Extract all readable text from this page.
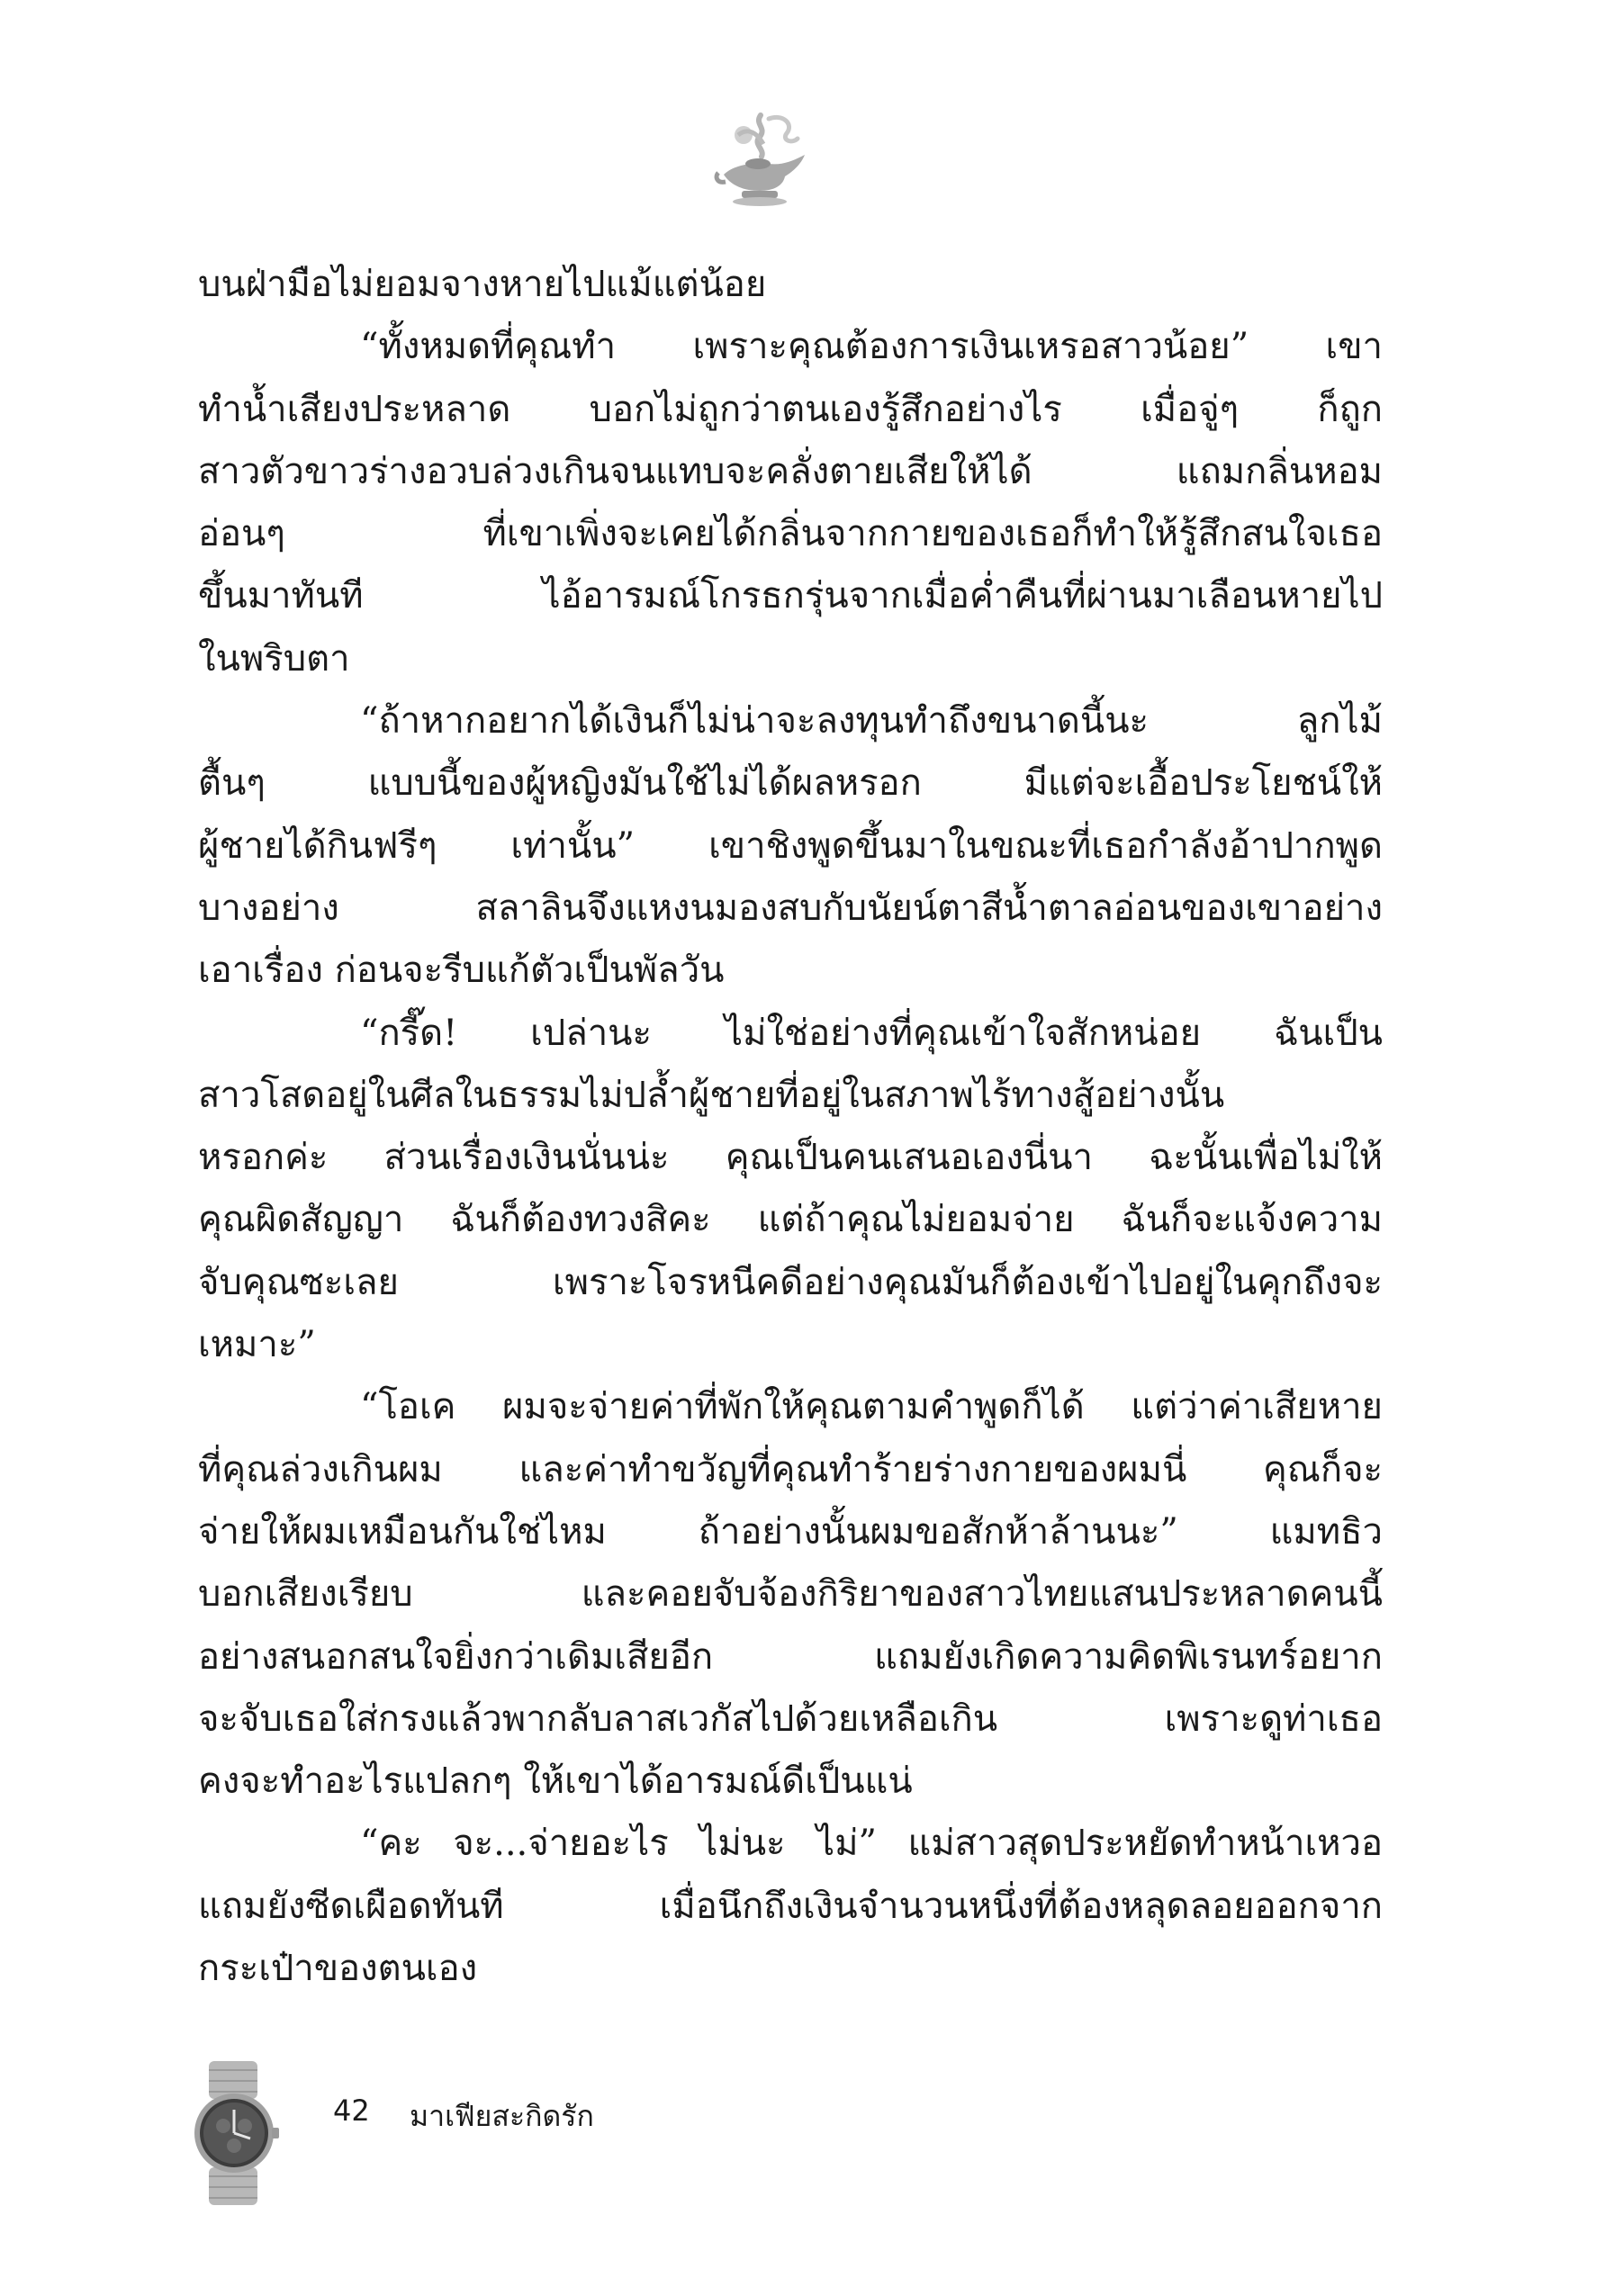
บนฝ่ามือไม่ยอมจางหายไปแม้แต่น้อย
“ทั้งหมดที่คุณทำ เพราะคุณต้องการเงินเหรอสาวน้อย” เขา
ทำน้ำเสียงประหลาด บอกไม่ถูกว่าตนเองรู้สึกอย่างไร เมื่อจู่ๆ ก็ถูก
สาวตัวขาวร่างอวบล่วงเกินจนแทบจะคลั่งตายเสียให้ได้ แถมกลิ่นหอม
อ่อนๆ ที่เขาเพิ่งจะเคยได้กลิ่นจากกายของเธอก็ทำให้รู้สึกสนใจเธอ
ขึ้นมาทันที ไอ้อารมณ์โกรธกรุ่นจากเมื่อค่ำคืนที่ผ่านมาเลือนหายไป
ในพริบตา
“ถ้าหากอยากได้เงินก็ไม่น่าจะลงทุนทำถึงขนาดนี้นะ ลูกไม้
ตื้นๆ แบบนี้ของผู้หญิงมันใช้ไม่ได้ผลหรอก มีแต่จะเอื้อประโยชน์ให้
ผู้ชายได้กินฟรีๆ เท่านั้น” เขาชิงพูดขึ้นมาในขณะที่เธอกำลังอ้าปากพูด
บางอย่าง สลาลินจึงแหงนมองสบกับนัยน์ตาสีน้ำตาลอ่อนของเขาอย่าง
เอาเรื่อง ก่อนจะรีบแก้ตัวเป็นพัลวัน
“กรี๊ด! เปล่านะ ไม่ใช่อย่างที่คุณเข้าใจสักหน่อย ฉันเป็น
สาวโสดอยู่ในศีลในธรรมไม่ปล้ำผู้ชายที่อยู่ในสภาพไร้ทางสู้อย่างนั้น
หรอกค่ะ ส่วนเรื่องเงินนั่นน่ะ คุณเป็นคนเสนอเองนี่นา ฉะนั้นเพื่อไม่ให้
คุณผิดสัญญา ฉันก็ต้องทวงสิคะ แต่ถ้าคุณไม่ยอมจ่าย ฉันก็จะแจ้งความ
จับคุณซะเลย เพราะโจรหนีคดีอย่างคุณมันก็ต้องเข้าไปอยู่ในคุกถึงจะ
เหมาะ”
“โอเค ผมจะจ่ายค่าที่พักให้คุณตามคำพูดก็ได้ แต่ว่าค่าเสียหาย
ที่คุณล่วงเกินผม และค่าทำขวัญที่คุณทำร้ายร่างกายของผมนี่ คุณก็จะ
จ่ายให้ผมเหมือนกันใช่ไหม ถ้าอย่างนั้นผมขอสักห้าล้านนะ” แมทธิว
บอกเสียงเรียบ และคอยจับจ้องกิริยาของสาวไทยแสนประหลาดคนนี้
อย่างสนอกสนใจยิ่งกว่าเดิมเสียอีก แถมยังเกิดความคิดพิเรนทร์อยาก
จะจับเธอใส่กรงแล้วพากลับลาสเวกัสไปด้วยเหลือเกิน เพราะดูท่าเธอ
คงจะทำอะไรแปลกๆ ให้เขาได้อารมณ์ดีเป็นแน่
“คะ จะ...จ่ายอะไร ไม่นะ ไม่” แม่สาวสุดประหยัดทำหน้าเหวอ
แถมยังซีดเผือดทันที เมื่อนึกถึงเงินจำนวนหนึ่งที่ต้องหลุดลอยออกจาก
กระเป๋าของตนเอง
42 มาเฟียสะกิดรัก
